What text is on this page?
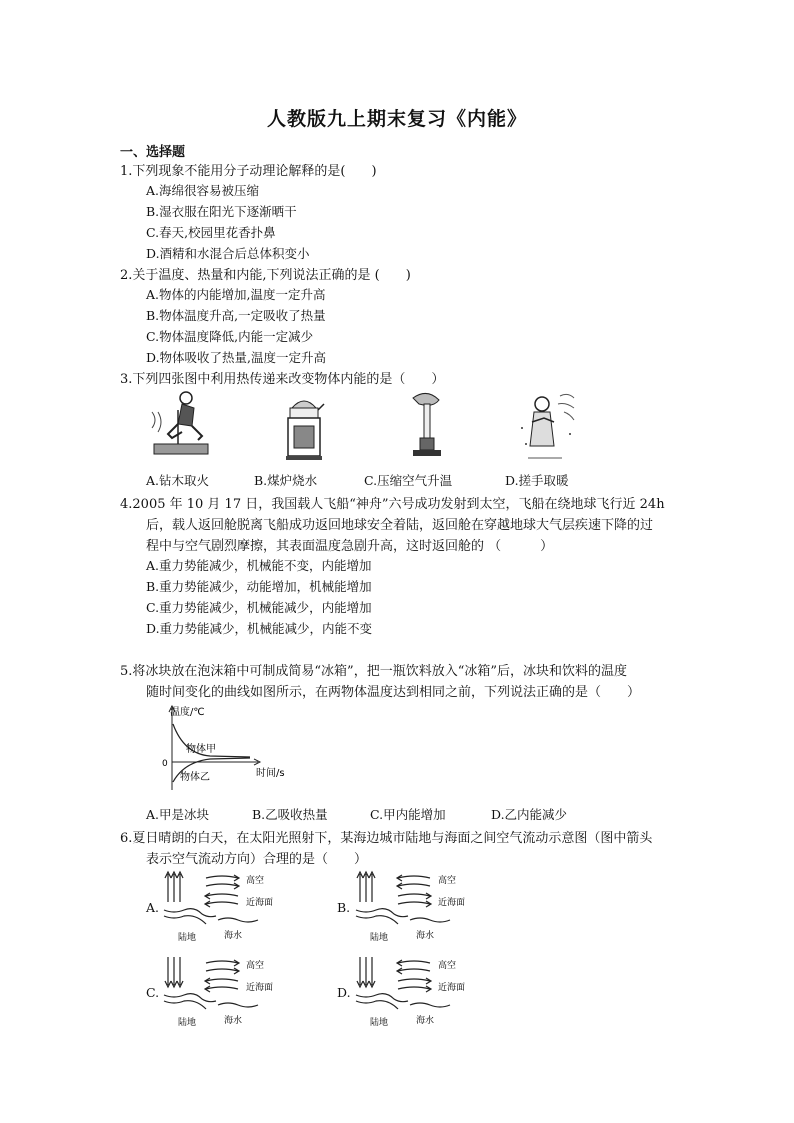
人教版九上期末复习《内能》
一、选择题
1.下列现象不能用分子动理论解释的是(　　)
A.海绵很容易被压缩
B.湿衣服在阳光下逐渐晒干
C.春天,校园里花香扑鼻
D.酒精和水混合后总体积变小
2.关于温度、热量和内能,下列说法正确的是 (　　)
A.物体的内能增加,温度一定升高
B.物体温度升高,一定吸收了热量
C.物体温度降低,内能一定减少
D.物体吸收了热量,温度一定升高
3.下列四张图中利用热传递来改变物体内能的是（　　）
A.钻木取火	B.煤炉烧水	C.压缩空气升温	D.搓手取暖
4.2005 年 10 月 17 日，我国载人飞船“神舟”六号成功发射到太空，飞船在绕地球飞行近 24h
后，载人返回舱脱离飞船成功返回地球安全着陆，返回舱在穿越地球大气层疾速下降的过
程中与空气剧烈摩擦，其表面温度急剧升高，这时返回舱的 （　　　）
A.重力势能减少，机械能不变，内能增加
B.重力势能减少，动能增加，机械能增加
C.重力势能减少，机械能减少，内能增加
D.重力势能减少，机械能减少，内能不变
5.将冰块放在泡沫箱中可制成简易“冰箱”，把一瓶饮料放入“冰箱”后，冰块和饮料的温度
随时间变化的曲线如图所示，在两物体温度达到相同之前，下列说法正确的是（　　）
温度/℃
时间/s
0
物体甲
物体乙
A.甲是冰块	B.乙吸收热量	C.甲内能增加	D.乙内能减少
6.夏日晴朗的白天，在太阳光照射下，某海边城市陆地与海面之间空气流动示意图（图中箭头
表示空气流动方向）合理的是（　　）
A.	B.
C.	D.
高空
近海面
陆地	海水
高空
近海面
陆地	海水
高空
近海面
陆地	海水
高空
近海面
陆地	海水
